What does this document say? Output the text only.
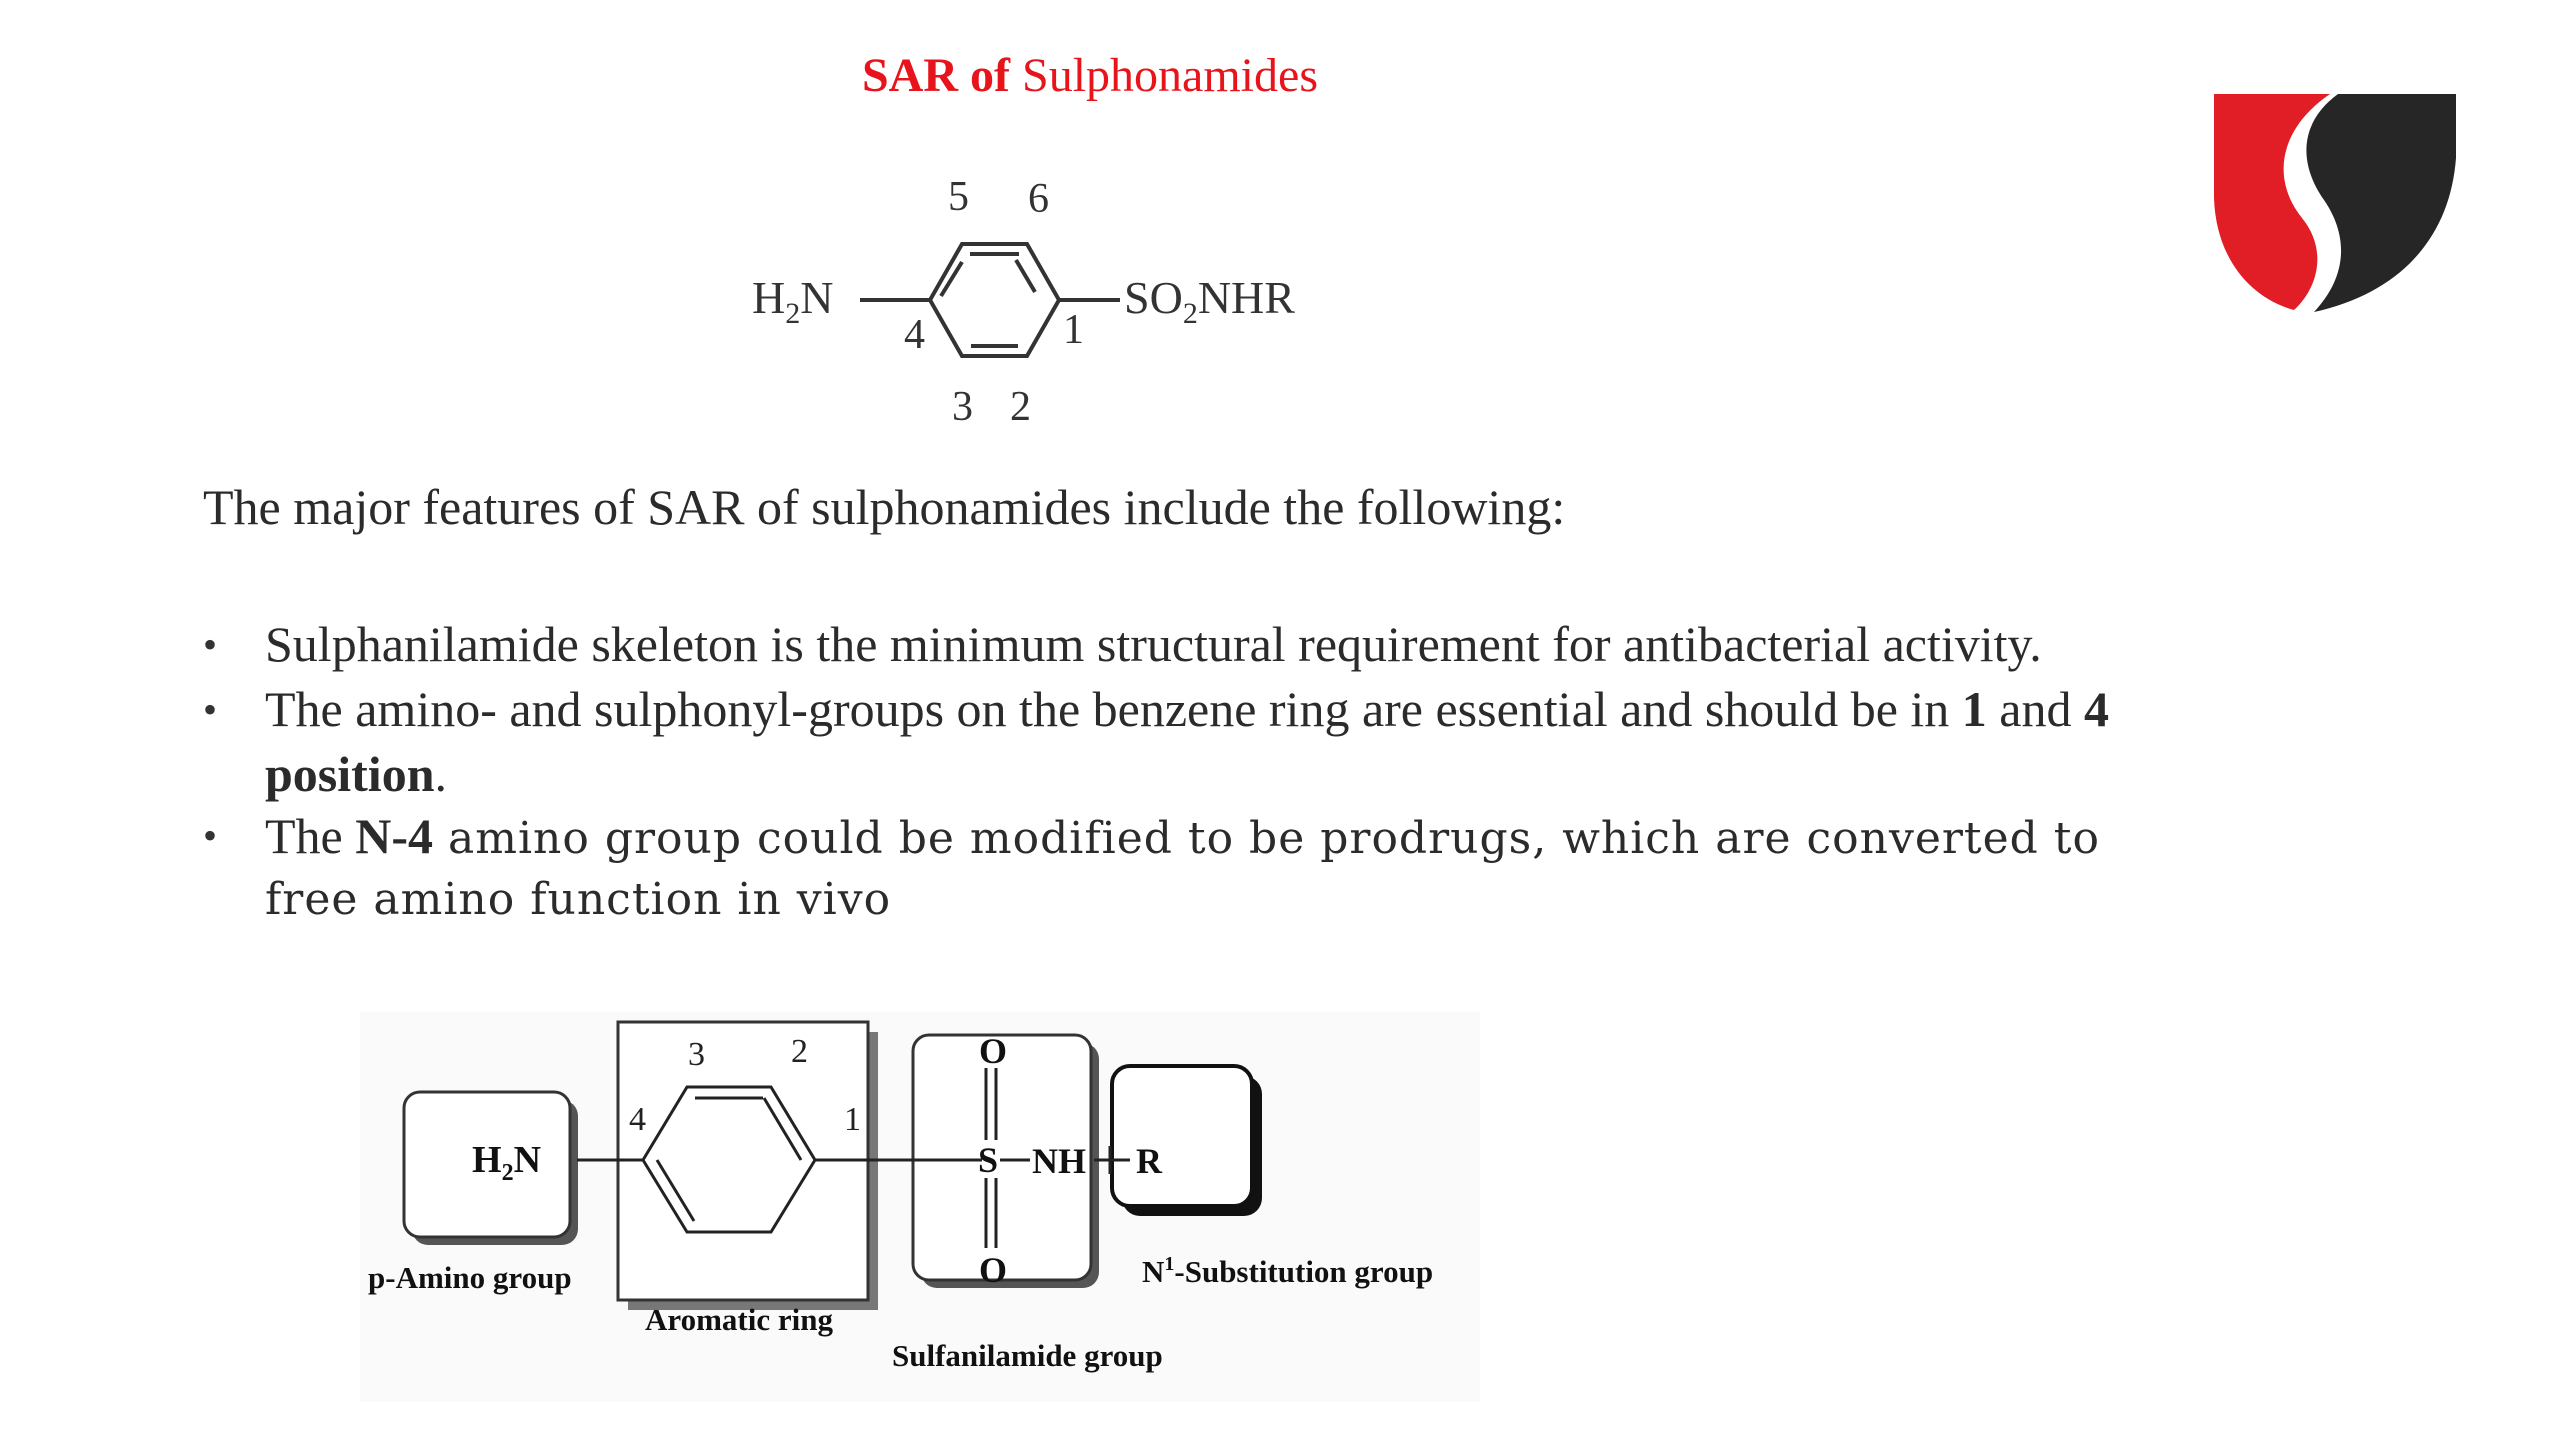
SAR of Sulphonamides
$H_2N$	$SO_2NHR$
5 6
4	1
3 2
The major features of SAR of sulphonamides include the following:
• Sulphanilamide skeleton is the minimum structural requirement for antibacterial activity.
• The amino- and sulphonyl-groups on the benzene ring are essential and should be in 1 and 4 position.
• The N-4 amino group could be modified to be prodrugs, which are converted to free amino function in vivo
$H_2N$	S
O
O
NH R
3	2
4	1
p-Amino group
Aromatic ring
Sulfanilamide group
$N^1$-Substitution group
